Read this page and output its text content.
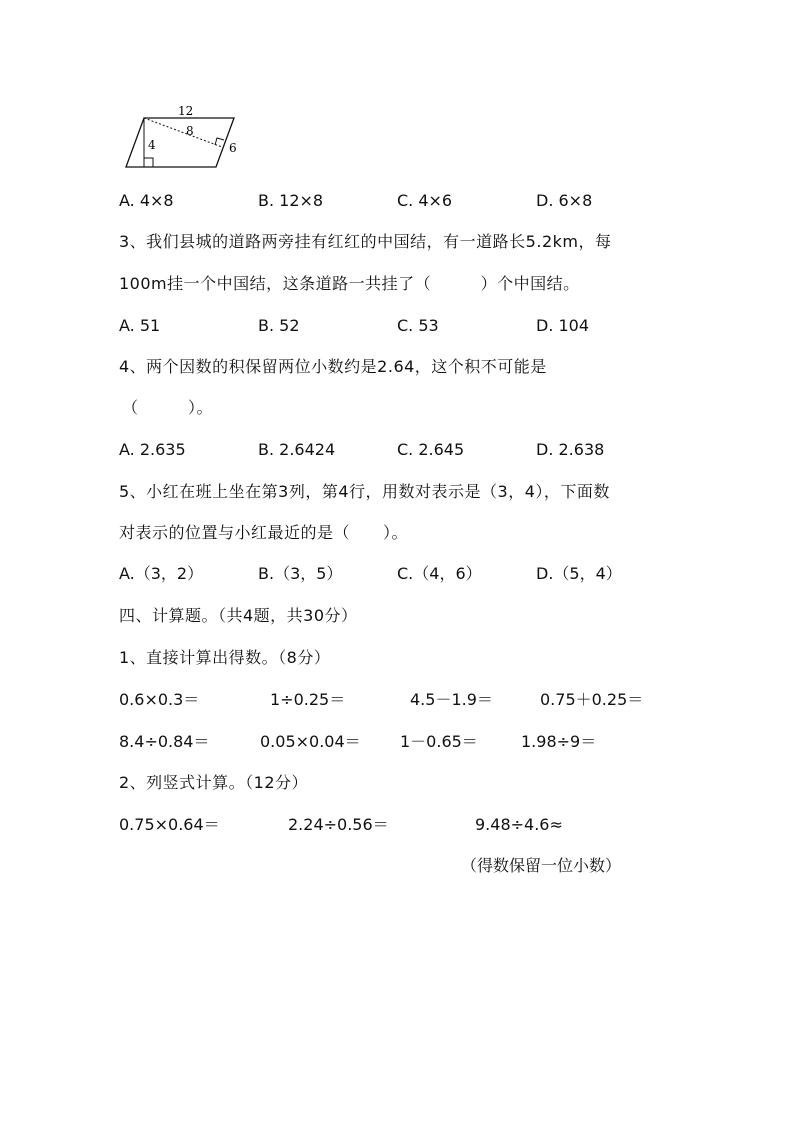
12
8
4	6
A. 4×8	B. 12×8	C. 4×6	D. 6×8
3、我们县城的道路两旁挂有红红的中国结，有一道路长5.2km，每
100m挂一个中国结，这条道路一共挂了（　　　）个中国结。
A. 51	B. 52	C. 53	D. 104
4、两个因数的积保留两位小数约是2.64，这个积不可能是
（　　　）。
A. 2.635	B. 2.6424	C. 2.645	D. 2.638
5、小红在班上坐在第3列，第4行，用数对表示是（3，4），下面数
对表示的位置与小红最近的是（　　）。
A.（3，2）	B.（3，5）	C.（4，6）	D.（5，4）
四、计算题。（共4题，共30分）
1、直接计算出得数。（8分）
0.6×0.3＝	1÷0.25＝	4.5－1.9＝	0.75＋0.25＝
8.4÷0.84＝	0.05×0.04＝ 1－0.65＝	1.98÷9＝
2、列竖式计算。（12分）
0.75×0.64＝	2.24÷0.56＝	9.48÷4.6≈
（得数保留一位小数）
